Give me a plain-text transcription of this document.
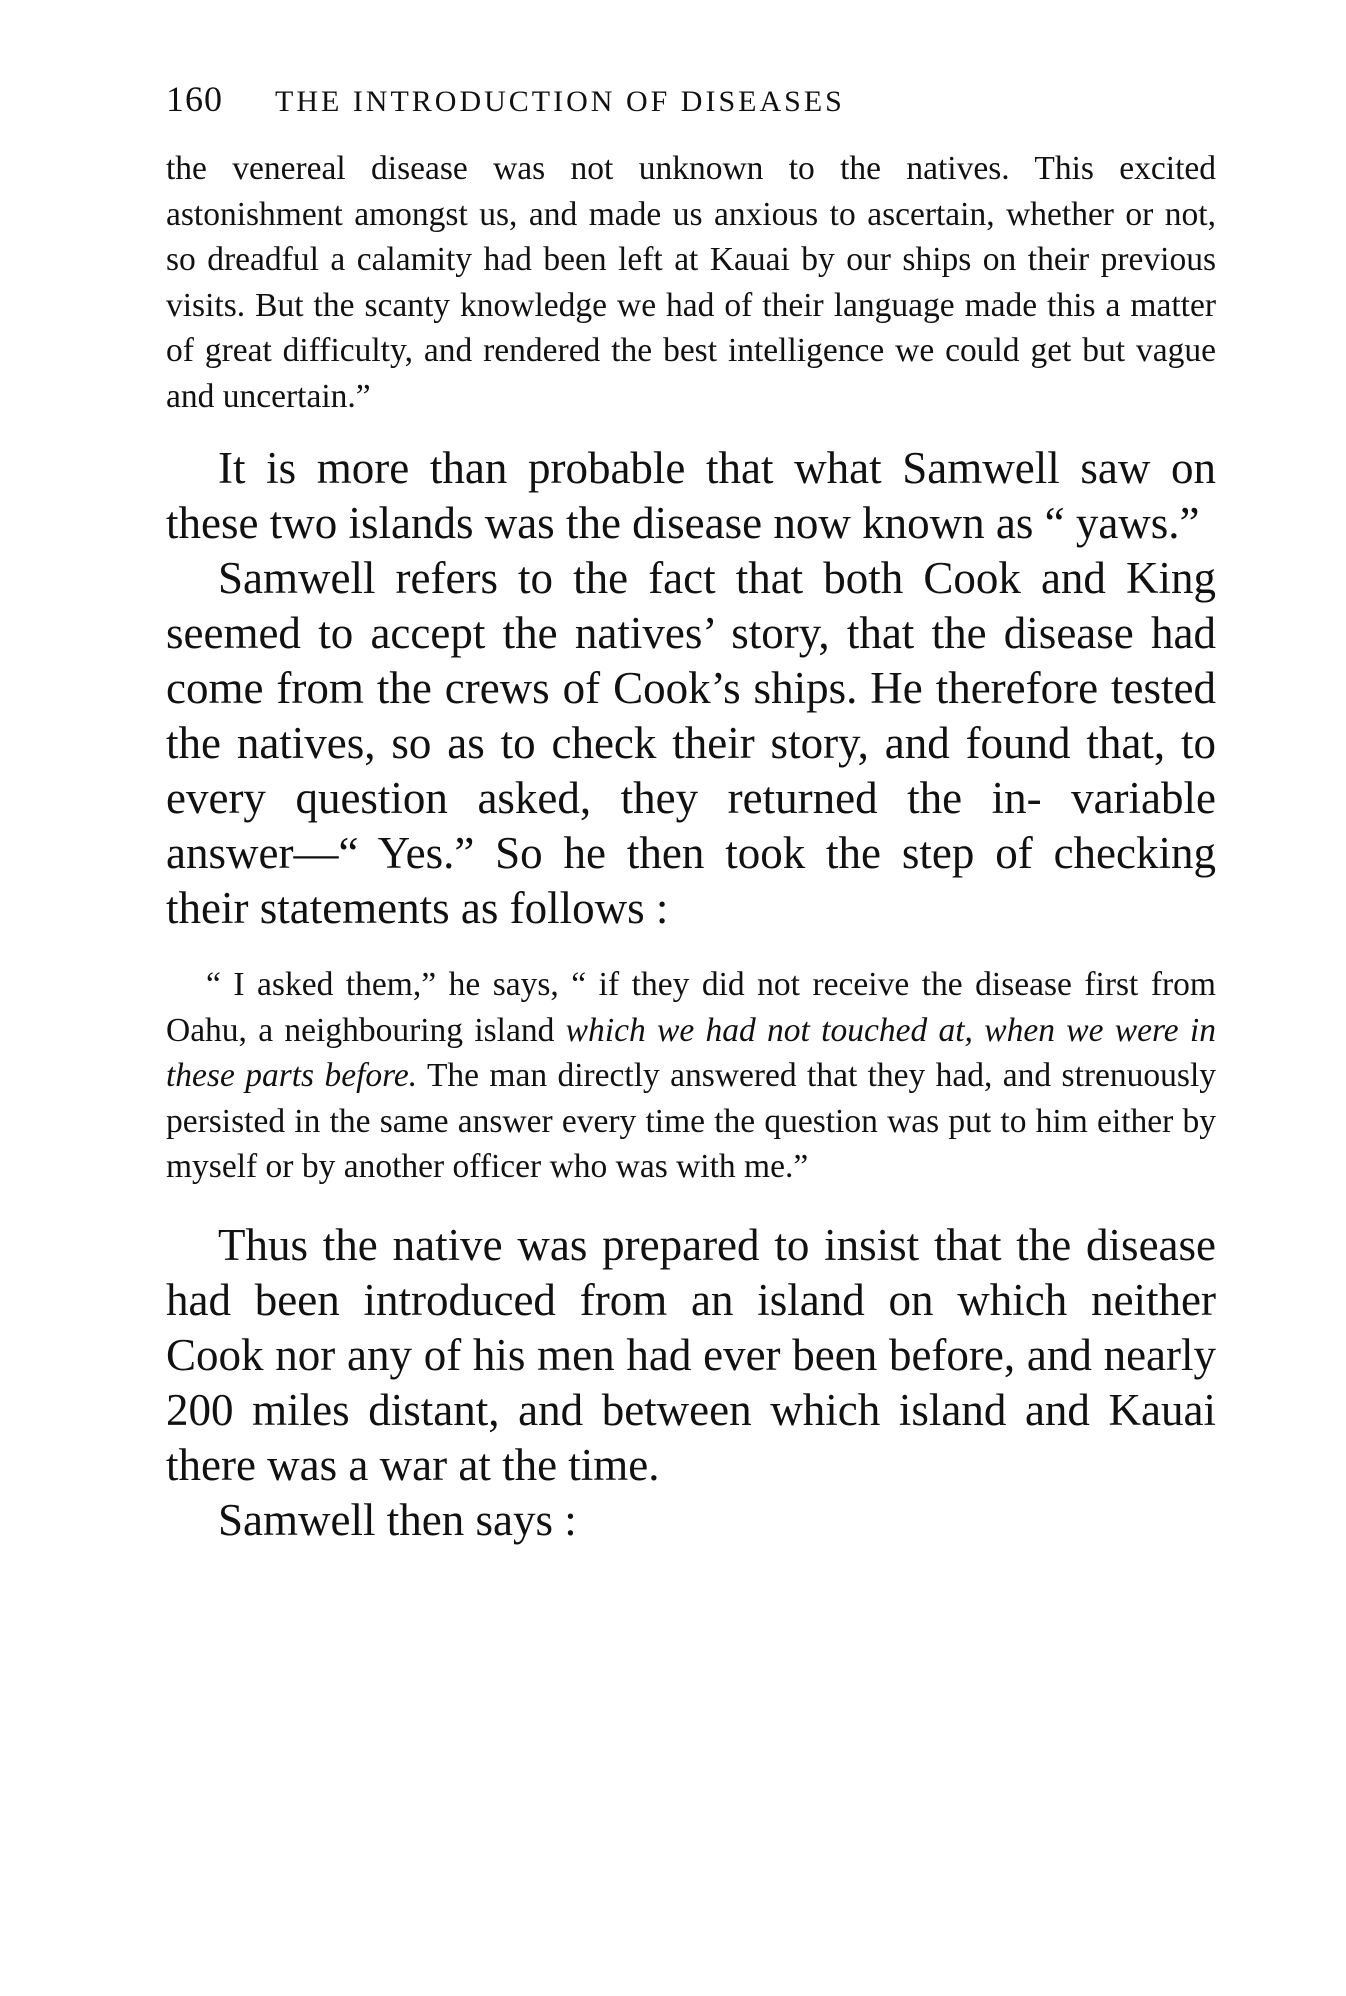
160 THE INTRODUCTION OF DISEASES

the venereal disease was not unknown to the natives. This excited astonishment amongst us, and made us anxious to ascertain, whether or not, so dreadful a calamity had been left at Kauai by our ships on their previous visits. But the scanty knowledge we had of their language made this a matter of great difficulty, and rendered the best intelligence we could get but vague and uncertain.”

It is more than probable that what Samwell saw on these two islands was the disease now known as “ yaws.”

Samwell refers to the fact that both Cook and King seemed to accept the natives’ story, that the disease had come from the crews of Cook’s ships. He therefore tested the natives, so as to check their story, and found that, to every question asked, they returned the in- variable answer—“ Yes.” So he then took the step of checking their statements as follows :

“ I asked them,” he says, “ if they did not receive the disease first from Oahu, a neighbouring island which we had not touched at, when we were in these parts before. The man directly answered that they had, and strenuously persisted in the same answer every time the question was put to him either by myself or by another officer who was with me.”

Thus the native was prepared to insist that the disease had been introduced from an island on which neither Cook nor any of his men had ever been before, and nearly 200 miles distant, and between which island and Kauai there was a war at the time.

Samwell then says :
